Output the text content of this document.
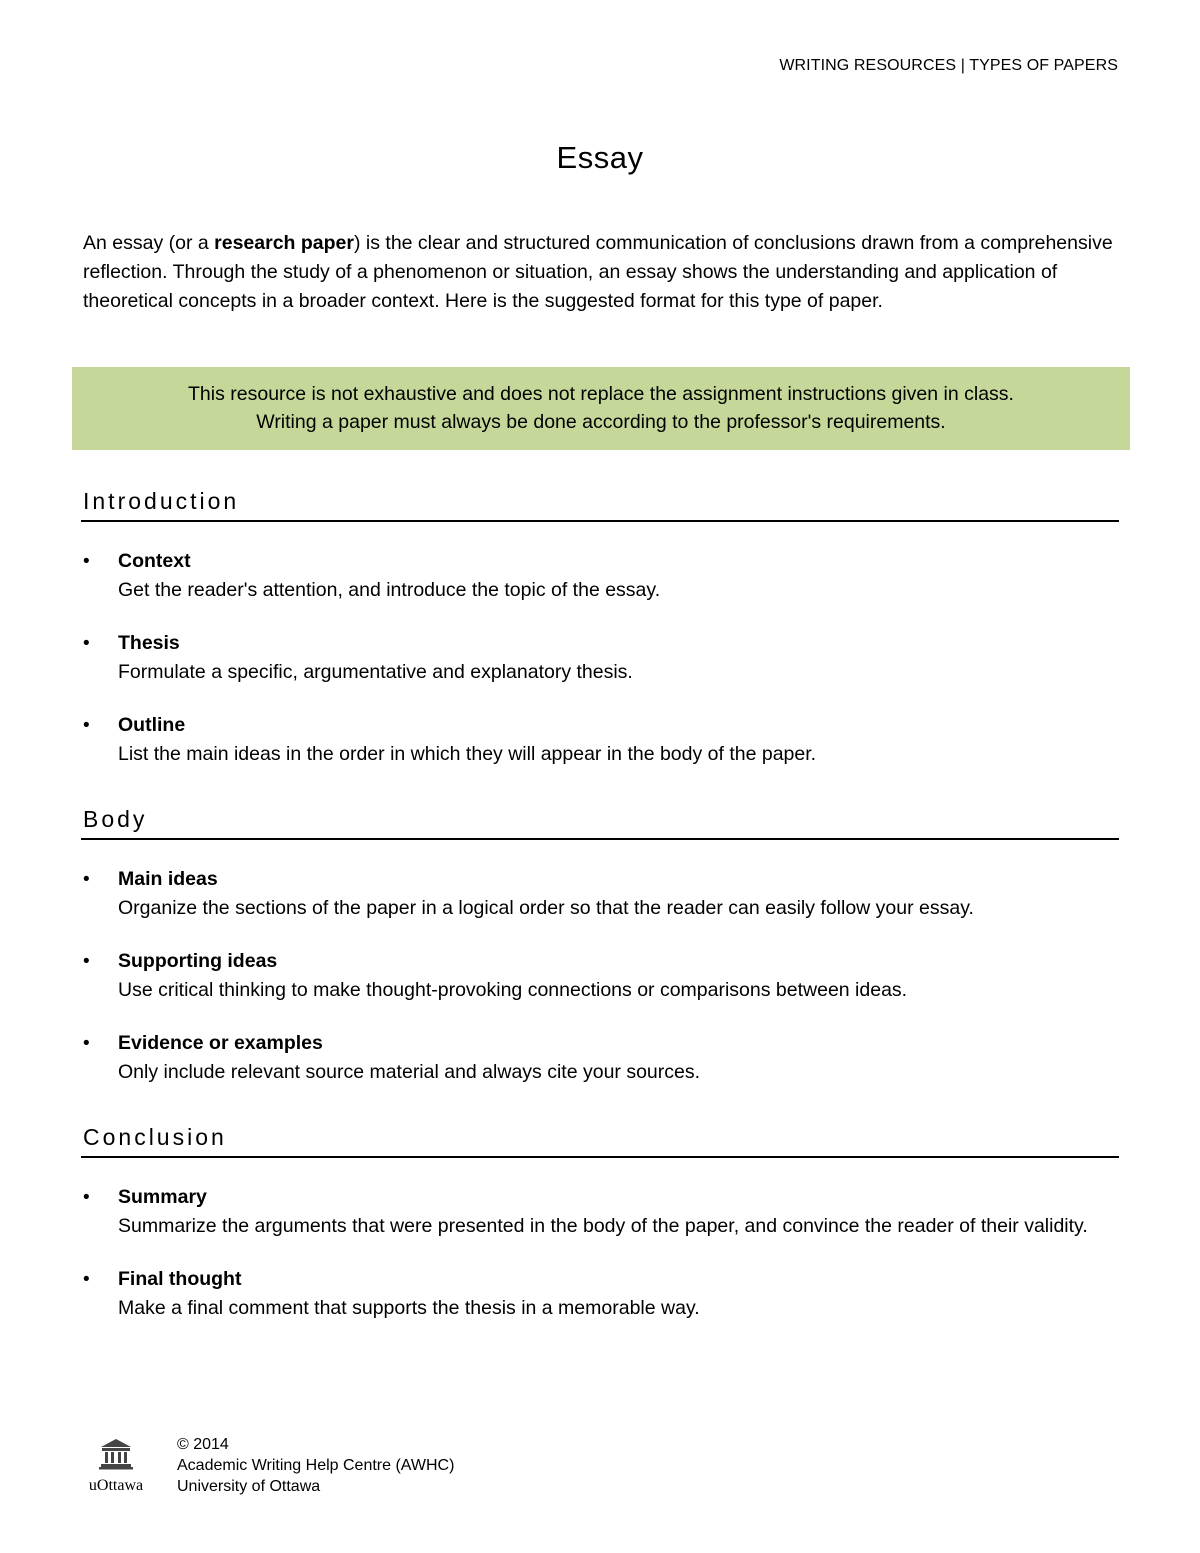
WRITING RESOURCES | TYPES OF PAPERS
Essay

An essay (or a research paper) is the clear and structured communication of conclusions drawn from a comprehensive reflection. Through the study of a phenomenon or situation, an essay shows the understanding and application of theoretical concepts in a broader context. Here is the suggested format for this type of paper.

This resource is not exhaustive and does not replace the assignment instructions given in class.
Writing a paper must always be done according to the professor's requirements.
Introduction
• Context
Get the reader's attention, and introduce the topic of the essay.
• Thesis
Formulate a specific, argumentative and explanatory thesis.
• Outline
List the main ideas in the order in which they will appear in the body of the paper.
Body
• Main ideas
Organize the sections of the paper in a logical order so that the reader can easily follow your essay.
• Supporting ideas
Use critical thinking to make thought-provoking connections or comparisons between ideas.
• Evidence or examples
Only include relevant source material and always cite your sources.
Conclusion
• Summary
Summarize the arguments that were presented in the body of the paper, and convince the reader of their validity.
• Final thought
Make a final comment that supports the thesis in a memorable way.
uOttawa
© 2014
Academic Writing Help Centre (AWHC)
University of Ottawa
